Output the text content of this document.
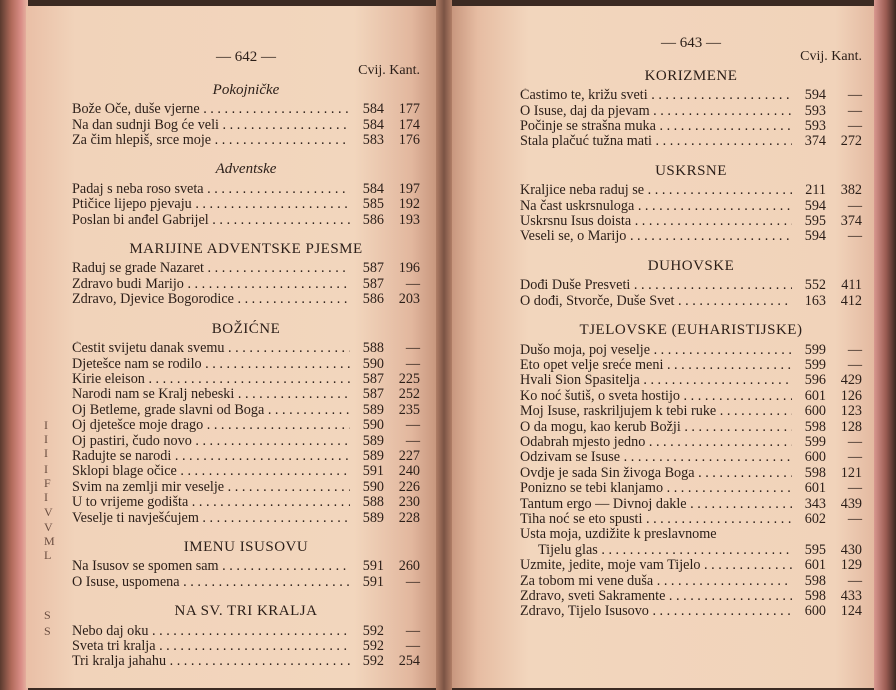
I
I
I
I
F
I
V
V
M
L
S
S
— 642 —
Cvij. Kant.
Pokojničke
Bože Oče, duše vjerne . . .	584	177
Na dan sudnji Bog će veli . . .	584	174
Za čim hlepiš, srce moje . . .	583	176
Adventske
Padaj s neba roso sveta . . .	584	197
Ptičice lijepo pjevaju . . .	585	192
Poslan bi anđel Gabrijel . . .	586	193
MARIJINE ADVENTSKE PJESME
Raduj se grade Nazaret . . .	587	196
Zdravo budi Marijo . . .	587	—
Zdravo, Djevice Bogorodice . . .	586	203
BOŽIĆNE
Čestit svijetu danak svemu . . .	588	—
Djetešce nam se rodilo . . .	590	—
Kirie eleison . . .	587	225
Narodi nam se Kralj nebeski . . .	587	252
Oj Betleme, grade slavni od Boga . . .	589	235
Oj djetešce moje drago . . .	590	—
Oj pastiri, čudo novo . . .	589	—
Radujte se narodi . . .	589	227
Sklopi blage očice . . .	591	240
Svim na zemlji mir veselje . . .	590	226
U to vrijeme godišta . . .	588	230
Veselje ti navješćujem . . .	589	228
IMENU ISUSOVU
Na Isusov se spomen sam . . .	591	260
O Isuse, uspomena . . .	591	—
NA SV. TRI KRALJA
Nebo daj oku . . .	592	—
Sveta tri kralja . . .	592	—
Tri kralja jahahu . . .	592	254
— 643 —
Cvij. Kant.
KORIZMENE
Častimo te, križu sveti . . .	594	—
O Isuse, daj da pjevam . . .	593	—
Počinje se strašna muka . . .	593	—
Stala plačuć tužna mati . . .	374	272
USKRSNE
Kraljice neba raduj se . . .	211	382
Na čast uskrsnuloga . . .	594	—
Uskrsnu Isus doista . . .	595	374
Veseli se, o Marijo . . .	594	—
DUHOVSKE
Dođi Duše Presveti . . .	552	411
O dođi, Stvorče, Duše Svet . . .	163	412
TJELOVSKE (EUHARISTIJSKE)
Dušo moja, poj veselje . . .	599	—
Eto opet velje sreće meni . . .	599	—
Hvali Sion Spasitelja . . .	596	429
Ko noć šutiš, o sveta hostijo . . .	601	126
Moj Isuse, raskriljujem k tebi ruke . . .	600	123
O da mogu, kao kerub Božji . . .	598	128
Odabrah mjesto jedno . . .	599	—
Odzivam se Isuse . . .	600	—
Ovdje je sada Sin živoga Boga . . .	598	121
Ponizno se tebi klanjamo . . .	601	—
Tantum ergo — Divnoj dakle . . .	343	439
Tiha noć se eto spusti . . .	602	—
Usta moja, uzdižite k preslavnome
Tijelu glas . . .	595	430
Uzmite, jedite, moje vam Tijelo . . .	601	129
Za tobom mi vene duša . . .	598	—
Zdravo, sveti Sakramente . . .	598	433
Zdravo, Tijelo Isusovo . . .	600	124
